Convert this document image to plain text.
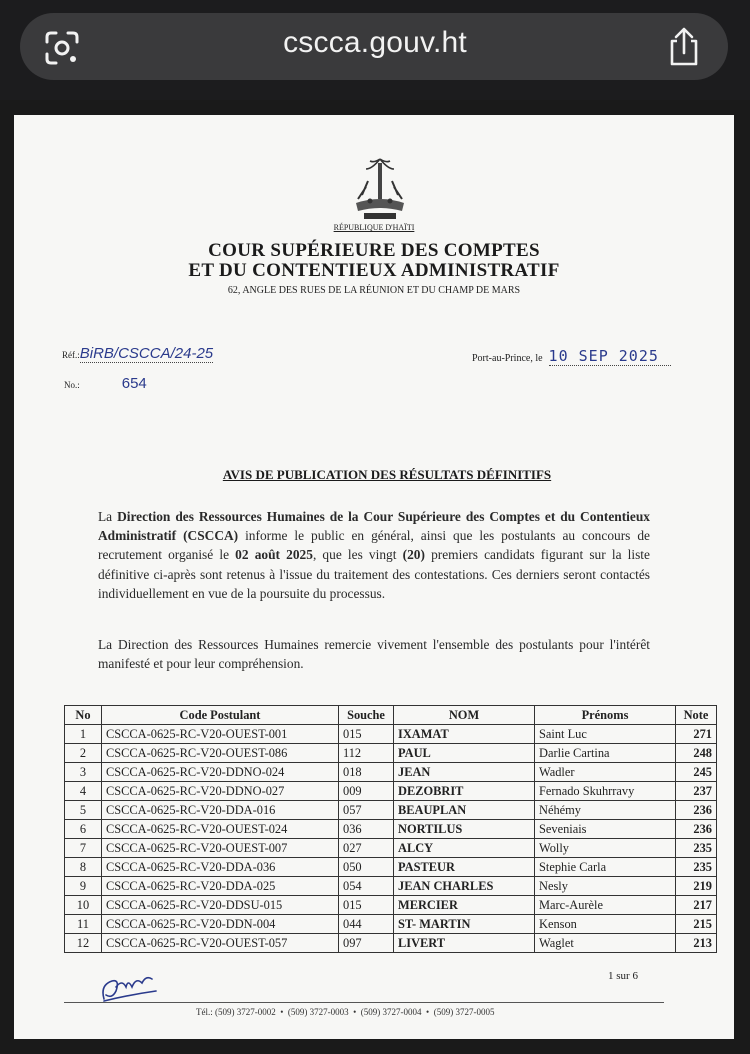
cscca.gouv.ht
RÉPUBLIQUE D'HAÏTI
COUR SUPÉRIEURE DES COMPTES
ET DU CONTENTIEUX ADMINISTRATIF
62, ANGLE DES RUES DE LA RÉUNION ET DU CHAMP DE MARS
Réf.:BiRB/CSCCA/24-25
No.:	654
Port-au-Prince, le 10 SEP 2025
AVIS DE PUBLICATION DES RÉSULTATS DÉFINITIFS
La Direction des Ressources Humaines de la Cour Supérieure des Comptes et du Contentieux Administratif (CSCCA) informe le public en général, ainsi que les postulants au concours de recrutement organisé le 02 août 2025, que les vingt (20) premiers candidats figurant sur la liste définitive ci-après sont retenus à l'issue du traitement des contestations. Ces derniers seront contactés individuellement en vue de la poursuite du processus.
La Direction des Ressources Humaines remercie vivement l'ensemble des postulants pour l'intérêt manifesté et pour leur compréhension.
No	Code Postulant	Souche	NOM	Prénoms	Note
1	CSCCA-0625-RC-V20-OUEST-001	015	IXAMAT	Saint Luc	271
2	CSCCA-0625-RC-V20-OUEST-086	112	PAUL	Darlie Cartina	248
3	CSCCA-0625-RC-V20-DDNO-024	018	JEAN	Wadler	245
4	CSCCA-0625-RC-V20-DDNO-027	009	DEZOBRIT	Fernado Skuhrravy	237
5	CSCCA-0625-RC-V20-DDA-016	057	BEAUPLAN	Néhémy	236
6	CSCCA-0625-RC-V20-OUEST-024	036	NORTILUS	Seveniais	236
7	CSCCA-0625-RC-V20-OUEST-007	027	ALCY	Wolly	235
8	CSCCA-0625-RC-V20-DDA-036	050	PASTEUR	Stephie Carla	235
9	CSCCA-0625-RC-V20-DDA-025	054	JEAN CHARLES	Nesly	219
10	CSCCA-0625-RC-V20-DDSU-015	015	MERCIER	Marc-Aurèle	217
11	CSCCA-0625-RC-V20-DDN-004	044	ST- MARTIN	Kenson	215
12	CSCCA-0625-RC-V20-OUEST-057	097	LIVERT	Waglet	213
1 sur 6
Tél.: (509) 3727-0002 • (509) 3727-0003 • (509) 3727-0004 • (509) 3727-0005
